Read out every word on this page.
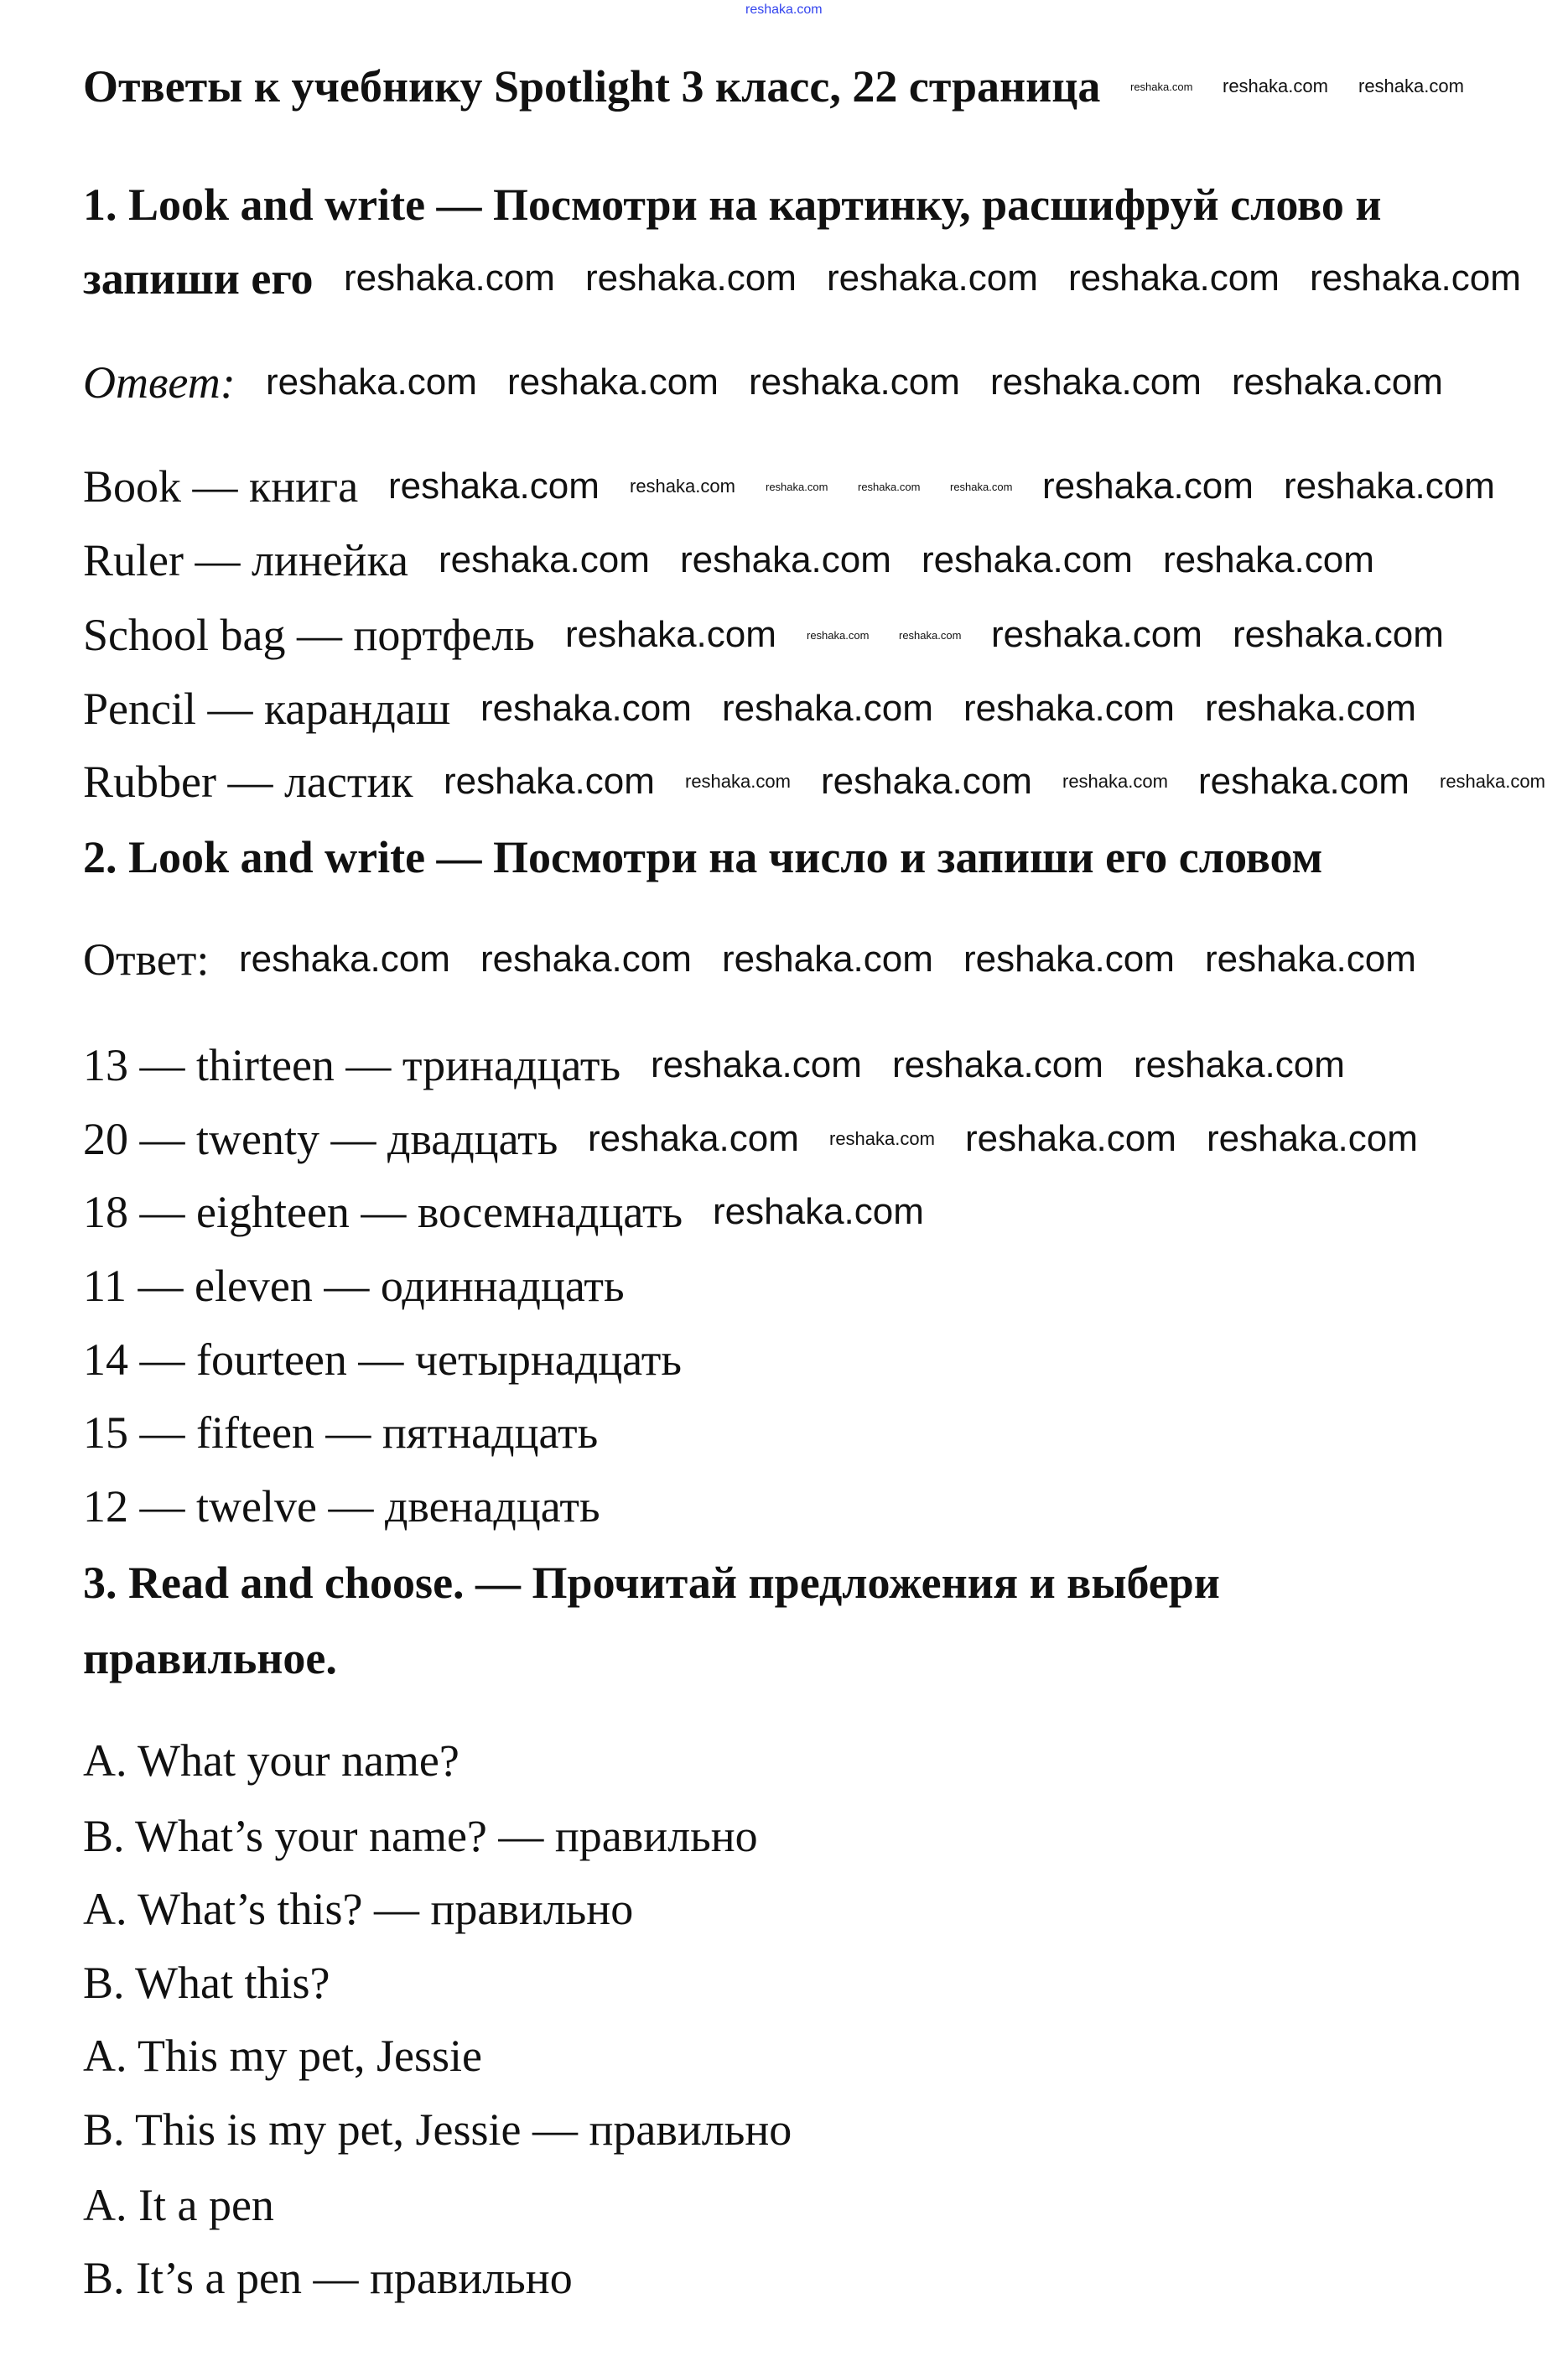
Ответы к учебнику Spotlight 3 класс, 22 страница
1. Look and write — Посмотри на картинку, расшифруй слово и
запиши его
Ответ:
Book — книга
Ruler — линейка
School bag — портфель
Pencil — карандаш
Rubber — ластик
2. Look and write — Посмотри на число и запиши его словом
Ответ:
13 — thirteen — тринадцать
20 — twenty — двадцать
18 — eighteen — восемнадцать
11 — eleven — одиннадцать
14 — fourteen — четырнадцать
15 — fifteen — пятнадцать
12 — twelve — двенадцать
3. Read and choose. — Прочитай предложения и выбери
правильное.
A. What your name?
B. What’s your name? — правильно
A. What’s this? — правильно
B. What this?
A. This my pet, Jessie
B. This is my pet, Jessie — правильно
A. It a pen
B. It’s a pen — правильно
reshaka.com
reshaka.com reshaka.com reshaka.com
reshaka.com reshaka.com reshaka.com reshaka.com reshaka.com
reshaka.com reshaka.com reshaka.com reshaka.com reshaka.com
reshaka.com reshaka.com	reshaka.com	reshaka.com	reshaka.com reshaka.com reshaka.com
reshaka.com reshaka.com reshaka.com reshaka.com
reshaka.com	reshaka.com	reshaka.com reshaka.com reshaka.com
reshaka.com reshaka.com reshaka.com reshaka.com
reshaka.com reshaka.com reshaka.com reshaka.com reshaka.com reshaka.com
reshaka.com reshaka.com reshaka.com reshaka.com reshaka.com
reshaka.com reshaka.com reshaka.com
reshaka.com reshaka.com reshaka.com reshaka.com
reshaka.com
